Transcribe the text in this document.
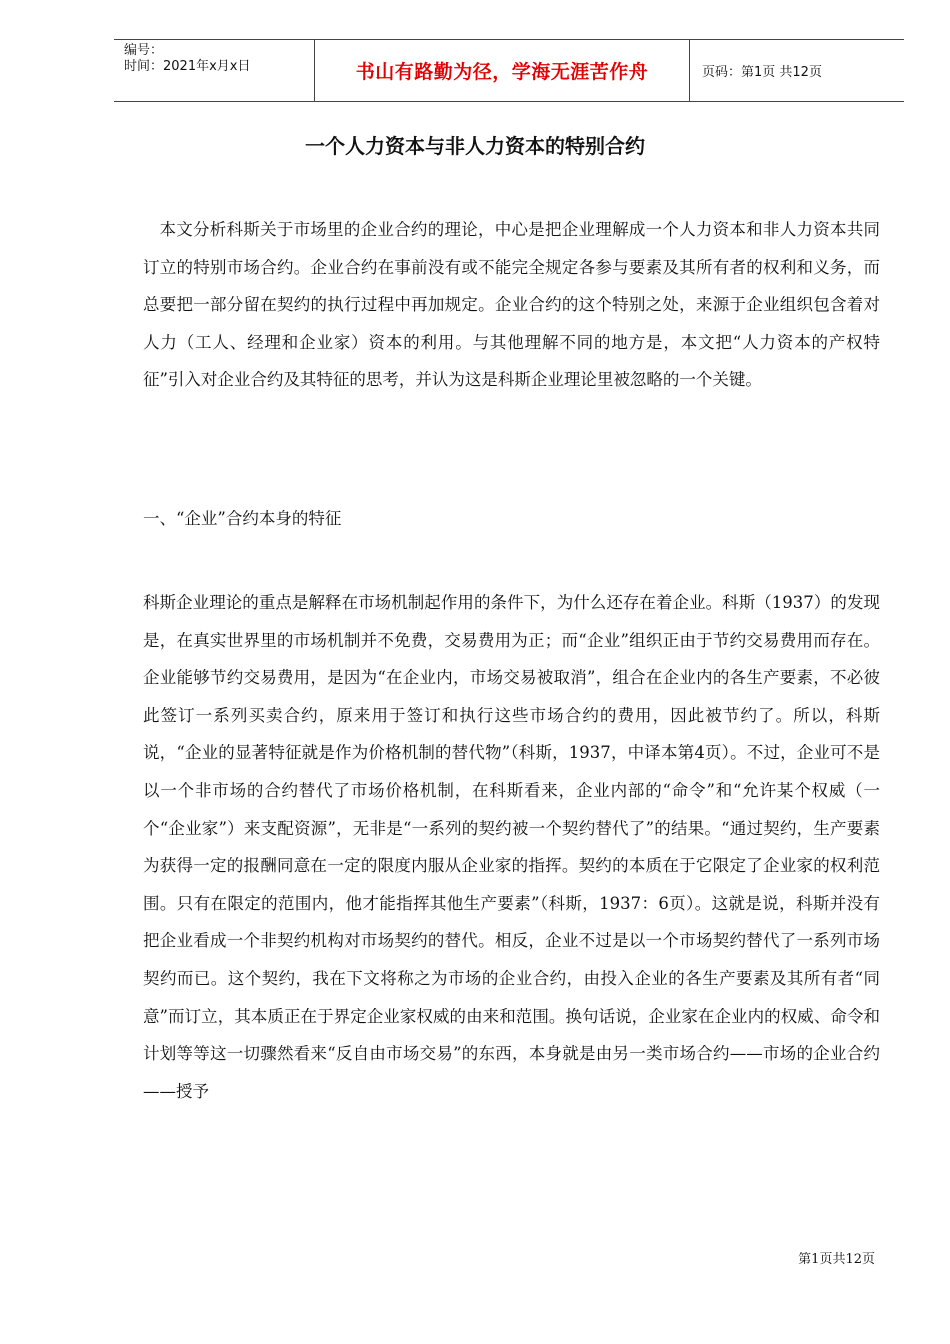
编号：
时间：2021年x月x日	书山有路勤为径，学海无涯苦作舟	页码：第1页 共12页
一个人力资本与非人力资本的特别合约

本文分析科斯关于市场里的企业合约的理论，中心是把企业理解成一个人力资本和非人力资本共同订立的特别市场合约。企业合约在事前没有或不能完全规定各参与要素及其所有者的权利和义务，而总要把一部分留在契约的执行过程中再加规定。企业合约的这个特别之处，来源于企业组织包含着对人力（工人、经理和企业家）资本的利用。与其他理解不同的地方是，本文把“人力资本的产权特征”引入对企业合约及其特征的思考，并认为这是科斯企业理论里被忽略的一个关键。

一、“企业”合约本身的特征

科斯企业理论的重点是解释在市场机制起作用的条件下，为什么还存在着企业。科斯（1937）的发现是，在真实世界里的市场机制并不免费，交易费用为正；而“企业”组织正由于节约交易费用而存在。企业能够节约交易费用，是因为“在企业内，市场交易被取消”，组合在企业内的各生产要素，不必彼此签订一系列买卖合约，原来用于签订和执行这些市场合约的费用，因此被节约了。所以，科斯说，“企业的显著特征就是作为价格机制的替代物”（科斯，1937，中译本第4页）。不过，企业可不是以一个非市场的合约替代了市场价格机制，在科斯看来，企业内部的“命令”和“允许某个权威（一个“企业家”）来支配资源”，无非是“一系列的契约被一个契约替代了”的结果。“通过契约，生产要素为获得一定的报酬同意在一定的限度内服从企业家的指挥。契约的本质在于它限定了企业家的权利范围。只有在限定的范围内，他才能指挥其他生产要素”（科斯，1937：6页）。这就是说，科斯并没有把企业看成一个非契约机构对市场契约的替代。相反，企业不过是以一个市场契约替代了一系列市场契约而已。这个契约，我在下文将称之为市场的企业合约，由投入企业的各生产要素及其所有者“同意”而订立，其本质正在于界定企业家权威的由来和范围。换句话说，企业家在企业内的权威、命令和计划等等这一切骤然看来“反自由市场交易”的东西，本身就是由另一类市场合约——市场的企业合约——授予

第1页共12页
